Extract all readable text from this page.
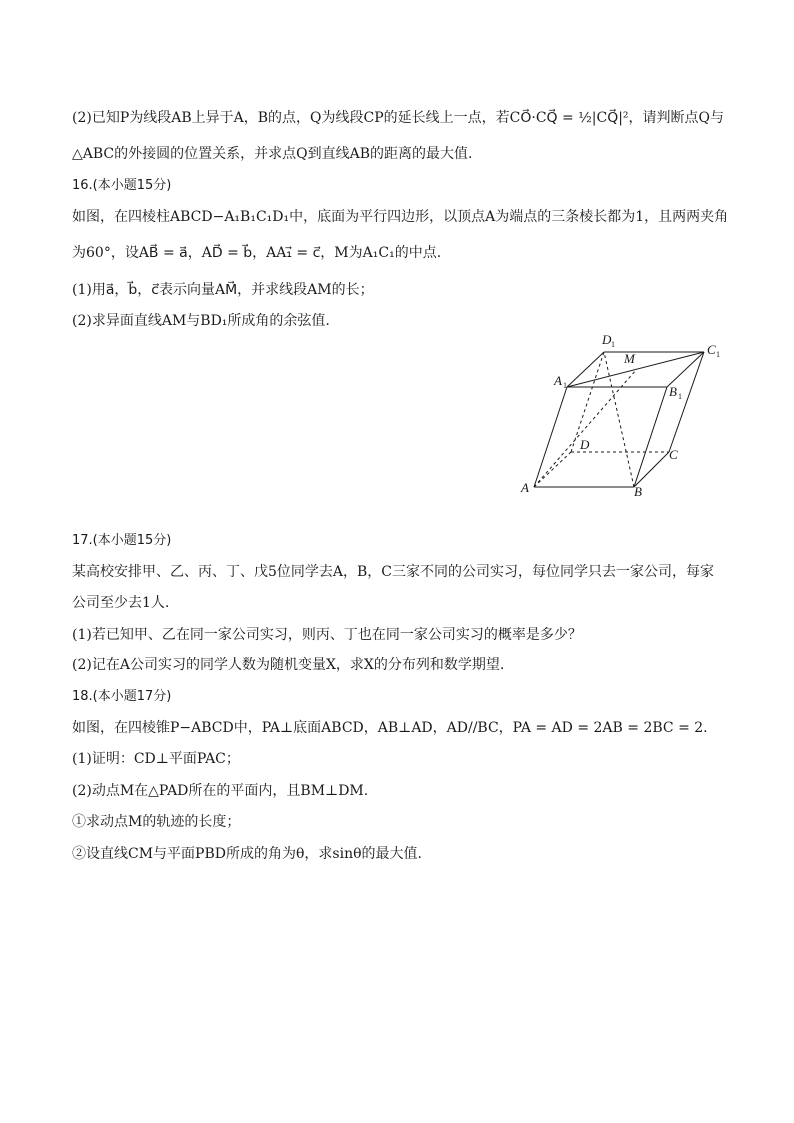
(2)已知P为线段AB上异于A，B的点，Q为线段CP的延长线上一点，若CO⃗·CQ⃗ = ½|CQ⃗|²，请判断点Q与
△ABC的外接圆的位置关系，并求点Q到直线AB的距离的最大值.
16.(本小题15分)
如图，在四棱柱ABCD−A₁B₁C₁D₁中，底面为平行四边形，以顶点A为端点的三条棱长都为1，且两两夹角
为60°，设AB⃗ = a⃗，AD⃗ = b⃗，AA₁⃗ = c⃗，M为A₁C₁的中点.
(1)用a⃗，b⃗，c⃗表示向量AM⃗，并求线段AM的长；
(2)求异面直线AM与BD₁所成角的余弦值.
D 1
M
C 1
A 1	B 1
D
C
A	B
17.(本小题15分)
某高校安排甲、乙、丙、丁、戊5位同学去A，B，C三家不同的公司实习，每位同学只去一家公司，每家
公司至少去1人.
(1)若已知甲、乙在同一家公司实习，则丙、丁也在同一家公司实习的概率是多少？
(2)记在A公司实习的同学人数为随机变量X，求X的分布列和数学期望.
18.(本小题17分)
如图，在四棱锥P−ABCD中，PA⊥底面ABCD，AB⊥AD，AD//BC，PA = AD = 2AB = 2BC = 2.
(1)证明：CD⊥平面PAC；
(2)动点M在△PAD所在的平面内，且BM⊥DM.
①求动点M的轨迹的长度；
②设直线CM与平面PBD所成的角为θ，求sinθ的最大值.
